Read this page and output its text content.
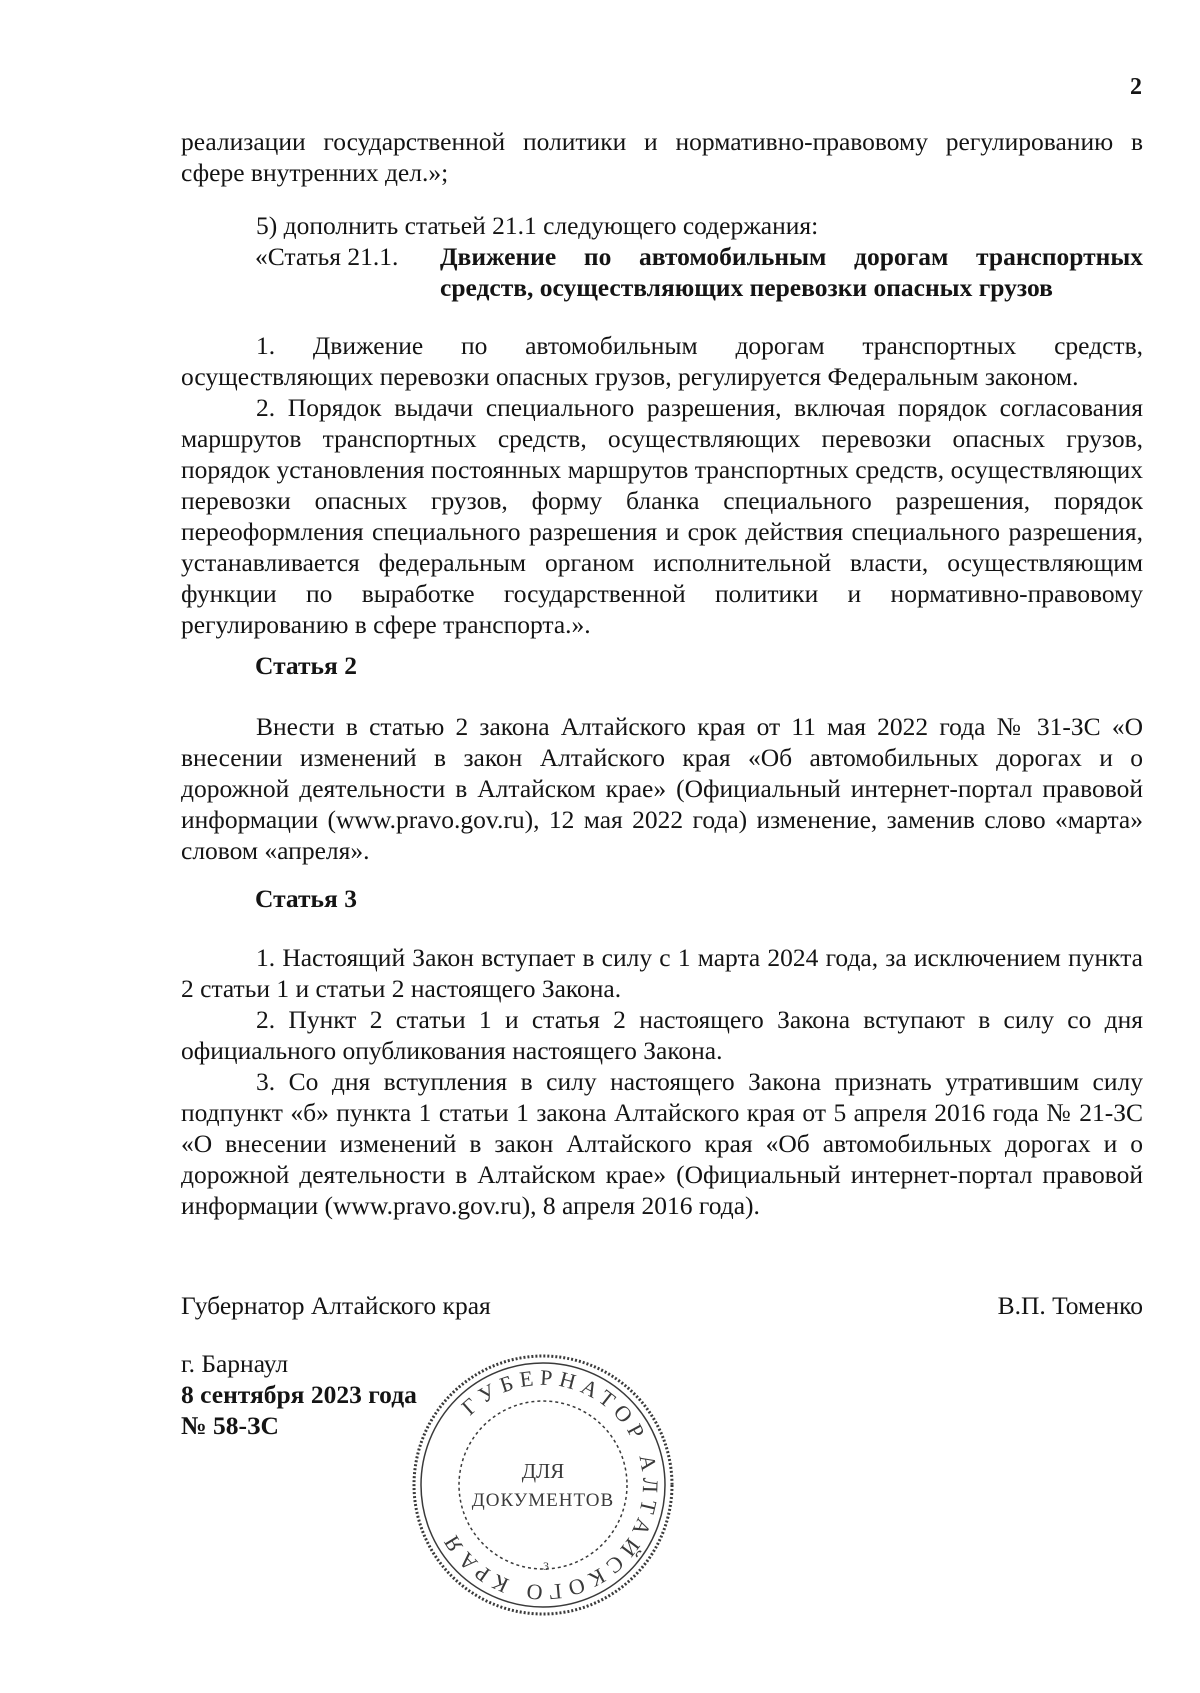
2

реализации государственной политики и нормативно-правовому регулированию в сфере внутренних дел.»;

5) дополнить статьей 21.1 следующего содержания:

«Статья 21.1. Движение по автомобильным дорогам транспортных средств, осуществляющих перевозки опасных грузов

1. Движение по автомобильным дорогам транспортных средств, осуществляющих перевозки опасных грузов, регулируется Федеральным законом.

2. Порядок выдачи специального разрешения, включая порядок согласования маршрутов транспортных средств, осуществляющих перевозки опасных грузов, порядок установления постоянных маршрутов транспортных средств, осуществляющих перевозки опасных грузов, форму бланка специального разрешения, порядок переоформления специального разрешения и срок действия специального разрешения, устанавливается федеральным органом исполнительной власти, осуществляющим функции по выработке государственной политики и нормативно-правовому регулированию в сфере транспорта.».

Статья 2

Внести в статью 2 закона Алтайского края от 11 мая 2022 года № 31-ЗС «О внесении изменений в закон Алтайского края «Об автомобильных дорогах и о дорожной деятельности в Алтайском крае» (Официальный интернет-портал правовой информации (www.pravo.gov.ru), 12 мая 2022 года) изменение, заменив слово «марта» словом «апреля».

Статья 3

1. Настоящий Закон вступает в силу с 1 марта 2024 года, за исключением пункта 2 статьи 1 и статьи 2 настоящего Закона.

2. Пункт 2 статьи 1 и статья 2 настоящего Закона вступают в силу со дня официального опубликования настоящего Закона.

3. Со дня вступления в силу настоящего Закона признать утратившим силу подпункт «б» пункта 1 статьи 1 закона Алтайского края от 5 апреля 2016 года № 21-ЗС «О внесении изменений в закон Алтайского края «Об автомобильных дорогах и о дорожной деятельности в Алтайском крае» (Официальный интернет-портал правовой информации (www.pravo.gov.ru), 8 апреля 2016 года).

Губернатор Алтайского края	В.П. Томенко

г. Барнаул

8 сентября 2023 года

№ 58-ЗС

ГУБЕРНАТОР АЛТАЙСКОГО КРАЯ
ДЛЯ
ДОКУМЕНТОВ
3
